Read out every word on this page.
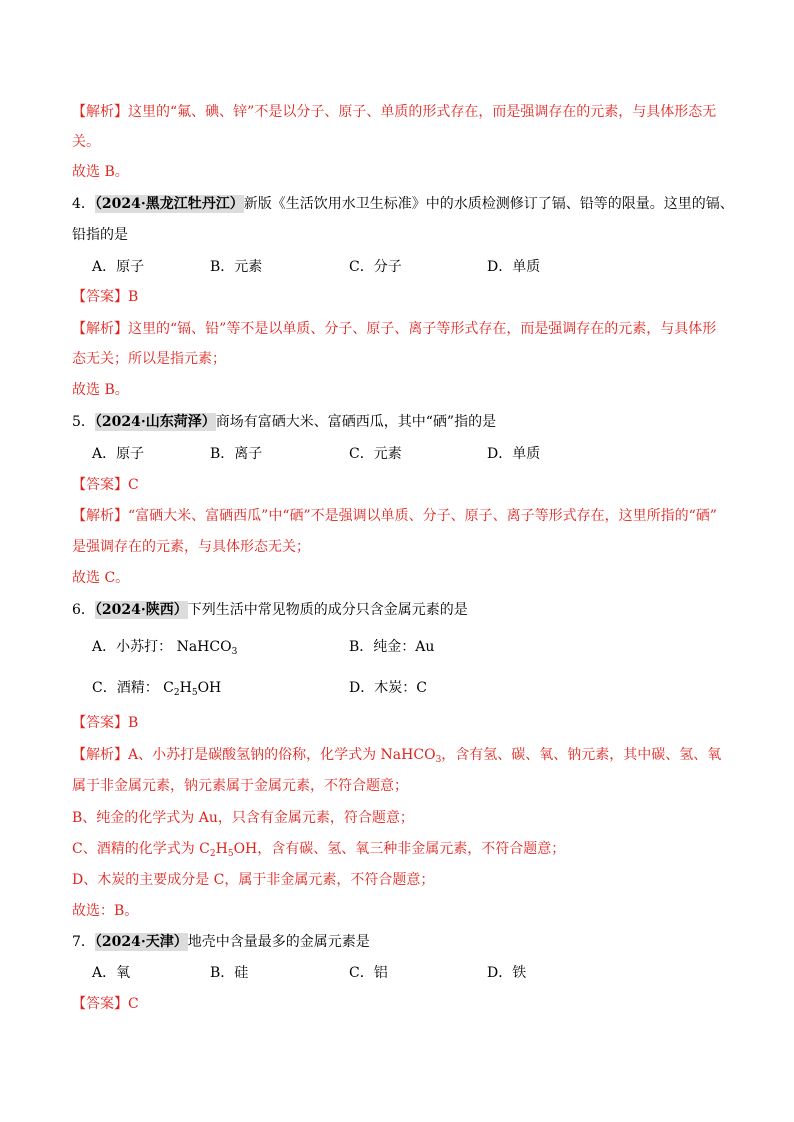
【解析】这里的“氟、碘、锌”不是以分子、原子、单质的形式存在，而是强调存在的元素，与具体形态无
关。
故选 B。
4．（2024·黑龙江牡丹江）新版《生活饮用水卫生标准》中的水质检测修订了镉、铅等的限量。这里的镉、
铅指的是
A．原子	B．元素	C．分子	D．单质
【答案】B
【解析】这里的“镉、铅”等不是以单质、分子、原子、离子等形式存在，而是强调存在的元素，与具体形
态无关；所以是指元素；
故选 B。
5．（2024·山东菏泽）商场有富硒大米、富硒西瓜，其中“硒”指的是
A．原子	B．离子	C．元素	D．单质
【答案】C
【解析】“富硒大米、富硒西瓜”中“硒”不是强调以单质、分子、原子、离子等形式存在，这里所指的“硒”
是强调存在的元素，与具体形态无关；
故选 C。
6．（2024·陕西）下列生活中常见物质的成分只含金属元素的是
A．小苏打： NaHCO$_3$	B．纯金：Au
C．酒精： $C_2H_5OH$	D．木炭：C
【答案】B
【解析】A、小苏打是碳酸氢钠的俗称，化学式为 NaHCO$_3$，含有氢、碳、氧、钠元素，其中碳、氢、氧
属于非金属元素，钠元素属于金属元素，不符合题意；
B、纯金的化学式为 Au，只含有金属元素，符合题意；
C、酒精的化学式为 $C_2H_5OH$，含有碳、氢、氧三种非金属元素，不符合题意；
D、木炭的主要成分是 C，属于非金属元素，不符合题意；
故选：B。
7．（2024·天津）地壳中含量最多的金属元素是
A．氧	B．硅	C．铝	D．铁
【答案】C
